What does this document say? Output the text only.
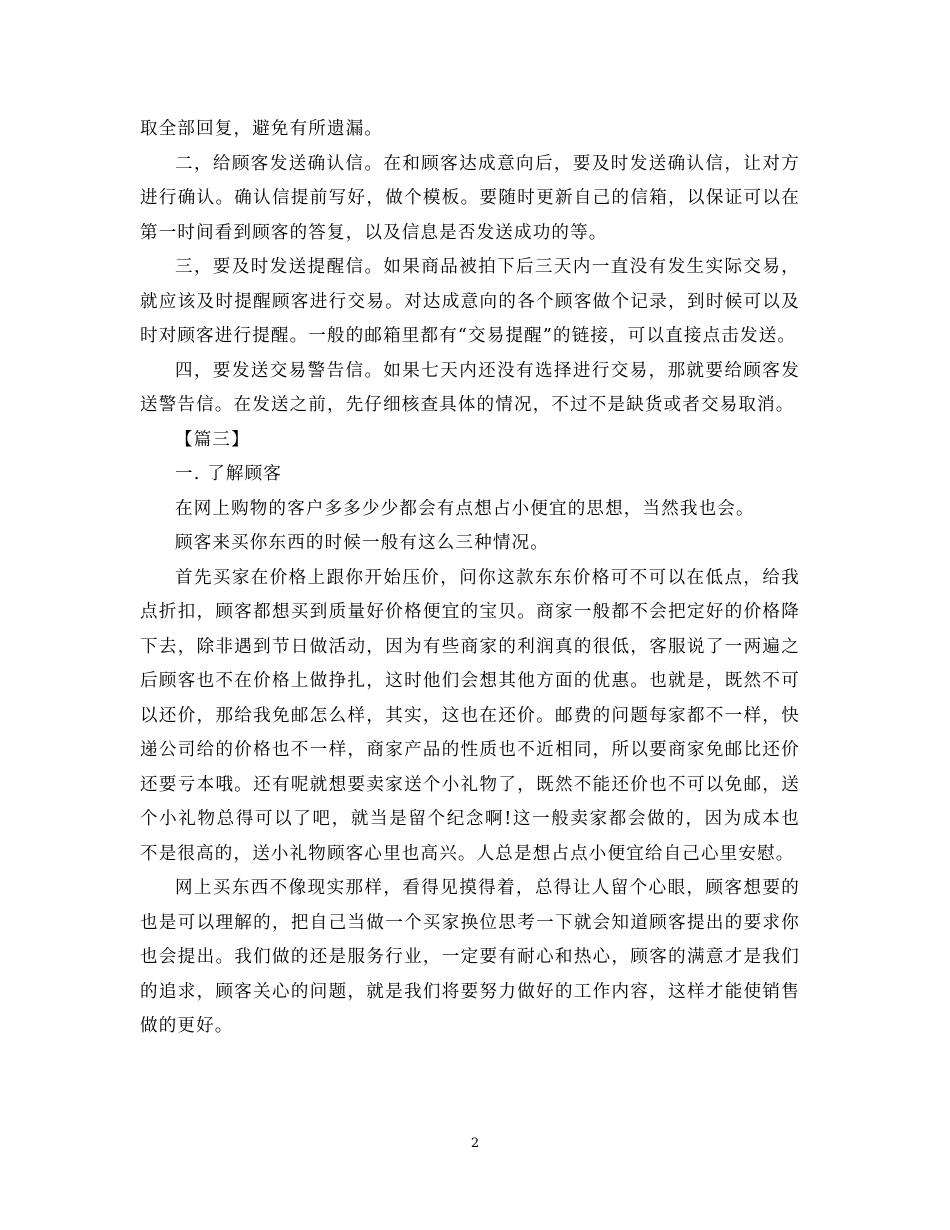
取全部回复，避免有所遗漏。

二，给顾客发送确认信。在和顾客达成意向后，要及时发送确认信，让对方进行确认。确认信提前写好，做个模板。要随时更新自己的信箱，以保证可以在第一时间看到顾客的答复，以及信息是否发送成功的等。

三，要及时发送提醒信。如果商品被拍下后三天内一直没有发生实际交易，就应该及时提醒顾客进行交易。对达成意向的各个顾客做个记录，到时候可以及时对顾客进行提醒。一般的邮箱里都有“交易提醒”的链接，可以直接点击发送。

四，要发送交易警告信。如果七天内还没有选择进行交易，那就要给顾客发送警告信。在发送之前，先仔细核查具体的情况，不过不是缺货或者交易取消。

【篇三】

一. 了解顾客

在网上购物的客户多多少少都会有点想占小便宜的思想，当然我也会。

顾客来买你东西的时候一般有这么三种情况。

首先买家在价格上跟你开始压价，问你这款东东价格可不可以在低点，给我点折扣，顾客都想买到质量好价格便宜的宝贝。商家一般都不会把定好的价格降下去，除非遇到节日做活动，因为有些商家的利润真的很低，客服说了一两遍之后顾客也不在价格上做挣扎，这时他们会想其他方面的优惠。也就是，既然不可以还价，那给我免邮怎么样，其实，这也在还价。邮费的问题每家都不一样，快递公司给的价格也不一样，商家产品的性质也不近相同，所以要商家免邮比还价还要亏本哦。还有呢就想要卖家送个小礼物了，既然不能还价也不可以免邮，送个小礼物总得可以了吧，就当是留个纪念啊!这一般卖家都会做的，因为成本也不是很高的，送小礼物顾客心里也高兴。人总是想占点小便宜给自己心里安慰。

网上买东西不像现实那样，看得见摸得着，总得让人留个心眼，顾客想要的也是可以理解的，把自己当做一个买家换位思考一下就会知道顾客提出的要求你也会提出。我们做的还是服务行业，一定要有耐心和热心，顾客的满意才是我们的追求，顾客关心的问题，就是我们将要努力做好的工作内容，这样才能使销售做的更好。

2
